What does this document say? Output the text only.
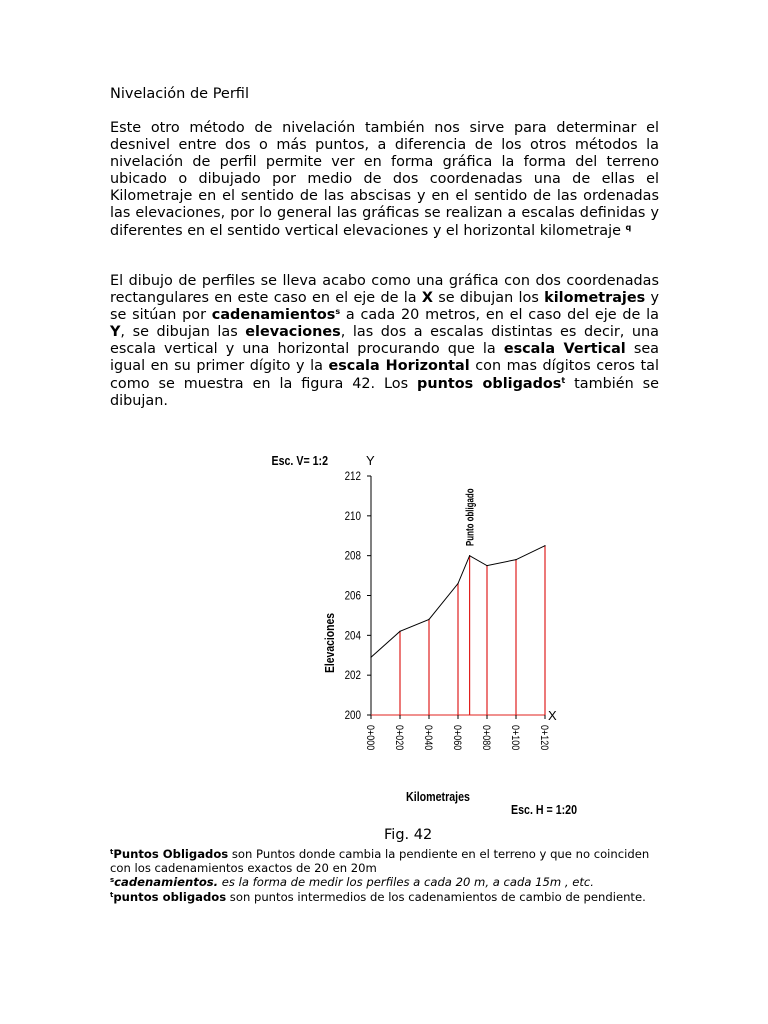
Nivelación de Perfil

Este otro método de nivelación también nos sirve para determinar el desnivel entre dos o más puntos, a diferencia de los otros métodos la nivelación de perfil permite ver en forma gráfica la forma del terreno ubicado o dibujado por medio de dos coordenadas una de ellas el Kilometraje en el sentido de las abscisas y en el sentido de las ordenadas las elevaciones, por lo general las gráficas se realizan a escalas definidas y diferentes en el sentido vertical elevaciones y el horizontal kilometraje $^q$

El dibujo de perfiles se lleva acabo como una gráfica con dos coordenadas rectangulares en este caso en el eje de la X se dibujan los kilometrajes y se sitúan por cadenamientos$^s$ a cada 20 metros, en el caso del eje de la Y, se dibujan las elevaciones, las dos a escalas distintas es decir, una escala vertical y una horizontal procurando que la escala Vertical sea igual en su primer dígito y la escala Horizontal con mas dígitos ceros tal como se muestra en la figura 42. Los puntos obligados$^t$ también se dibujan.

Esc. V= 1:2	Y
X
Elevaciones
Kilometrajes
Esc. H = 1:20
200
202
204
206
208
210
212
0+000 0+020 0+040 0+060 0+080 0+100 0+120
Punto obligado
Fig. 42
$^t$Puntos Obligados son Puntos donde cambia la pendiente en el terreno y que no coinciden con los cadenamientos exactos de 20 en 20m
$^s$cadenamientos. es la forma de medir los perfiles a cada 20 m, a cada 15m , etc.
$^t$puntos obligados son puntos intermedios de los cadenamientos de cambio de pendiente.
